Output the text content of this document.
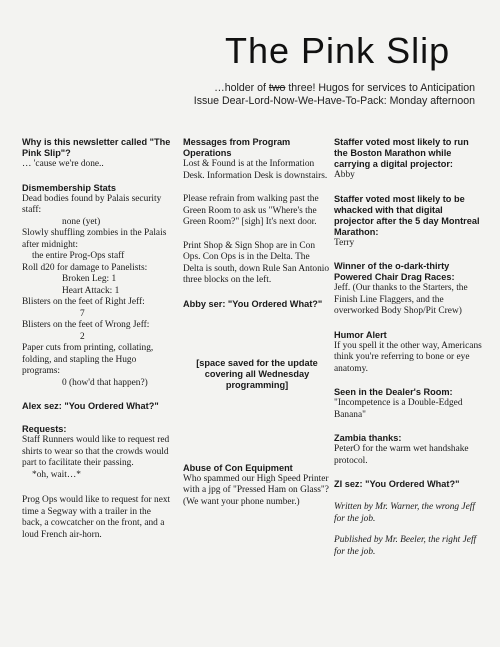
The Pink Slip
…holder of two three! Hugos for services to Anticipation
Issue Dear-Lord-Now-We-Have-To-Pack: Monday afternoon
Why is this newsletter called "The Pink Slip"?
… 'cause we're done..
Dismembership Stats
Dead bodies found by Palais security staff:
none (yet)
Slowly shuffling zombies in the Palais after midnight:
the entire Prog-Ops staff
Roll d20 for damage to Panelists:
Broken Leg: 1
Heart Attack: 1
Blisters on the feet of Right Jeff:
7
Blisters on the feet of Wrong Jeff:
2
Paper cuts from printing, collating, folding, and stapling the Hugo programs:
0 (how'd that happen?)
Alex sez: "You Ordered What?"
Requests:
Staff Runners would like to request red shirts to wear so that the crowds would part to facilitate their passing.
*oh, wait…*
Prog Ops would like to request for next time a Segway with a trailer in the back, a cowcatcher on the front, and a loud French air-horn.
Messages from Program Operations
Lost & Found is at the Information Desk. Information Desk is downstairs.
Please refrain from walking past the Green Room to ask us "Where's the Green Room?" [sigh] It's next door.
Print Shop & Sign Shop are in Con Ops. Con Ops is in the Delta. The Delta is south, down Rule San Antonio three blocks on the left.
Abby ser: "You Ordered What?"
[space saved for the update covering all Wednesday programming]
Abuse of Con Equipment
Who spammed our High Speed Printer with a jpg of "Pressed Ham on Glass"?
(We want your phone number.)
Staffer voted most likely to run the Boston Marathon while carrying a digital projector:
Abby
Staffer voted most likely to be whacked with that digital projector after the 5 day Montreal Marathon:
Terry
Winner of the o-dark-thirty Powered Chair Drag Races:
Jeff. (Our thanks to the Starters, the Finish Line Flaggers, and the overworked Body Shop/Pit Crew)
Humor Alert
If you spell it the other way, Americans think you're referring to bone or eye anatomy.
Seen in the Dealer's Room:
"Incompetence is a Double-Edged Banana"
Zambia thanks:
PeterO for the warm wet handshake protocol.
ZI sez: "You Ordered What?"
Written by Mr. Warner, the wrong Jeff for the job.
Published by Mr. Beeler, the right Jeff for the job.
